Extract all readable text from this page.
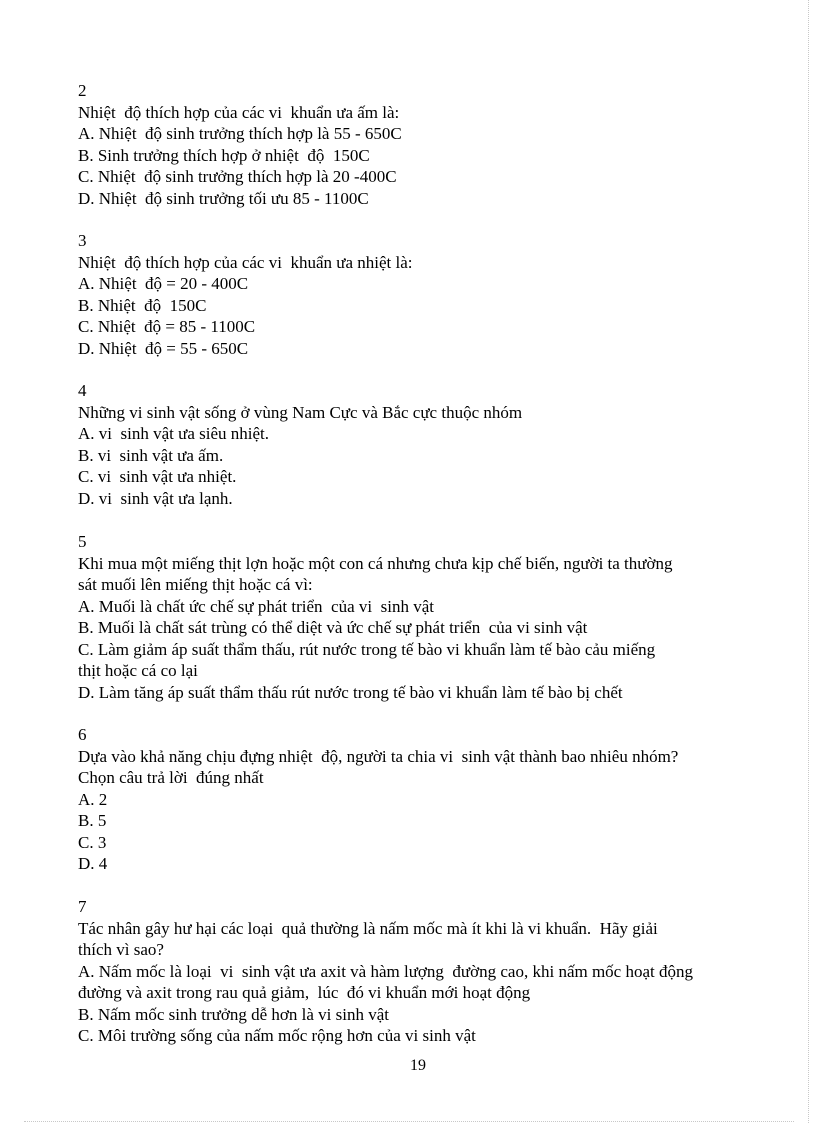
2
Nhiệt  độ thích hợp của các vi  khuẩn ưa ấm là:
A. Nhiệt  độ sinh trưởng thích hợp là 55 - 650C
B. Sinh trưởng thích hợp ở nhiệt  độ  150C
C. Nhiệt  độ sinh trưởng thích hợp là 20 -400C
D. Nhiệt  độ sinh trưởng tối ưu 85 - 1100C
3
Nhiệt  độ thích hợp của các vi  khuẩn ưa nhiệt là:
A. Nhiệt  độ = 20 - 400C
B. Nhiệt  độ  150C
C. Nhiệt  độ = 85 - 1100C
D. Nhiệt  độ = 55 - 650C
4
Những vi sinh vật sống ở vùng Nam Cực và Bắc cực thuộc nhóm
A. vi  sinh vật ưa siêu nhiệt.
B. vi  sinh vật ưa ấm.
C. vi  sinh vật ưa nhiệt.
D. vi  sinh vật ưa lạnh.
5
Khi mua một miếng thịt lợn hoặc một con cá nhưng chưa kịp chế biến, người ta thường
sát muối lên miếng thịt hoặc cá vì:
A. Muối là chất ức chế sự phát triển  của vi  sinh vật
B. Muối là chất sát trùng có thể diệt và ức chế sự phát triển  của vi sinh vật
C. Làm giảm áp suất thẩm thấu, rút nước trong tế bào vi khuẩn làm tế bào cảu miếng
thịt hoặc cá co lại
D. Làm tăng áp suất thẩm thấu rút nước trong tế bào vi khuẩn làm tế bào bị chết
6
Dựa vào khả năng chịu đựng nhiệt  độ, người ta chia vi  sinh vật thành bao nhiêu nhóm?
Chọn câu trả lời  đúng nhất
A. 2
B. 5
C. 3
D. 4
7
Tác nhân gây hư hại các loại  quả thường là nấm mốc mà ít khi là vi khuẩn.  Hãy giải
thích vì sao?
A. Nấm mốc là loại  vi  sinh vật ưa axit và hàm lượng  đường cao, khi nấm mốc hoạt động
đường và axit trong rau quả giảm,  lúc  đó vi khuẩn mới hoạt động
B. Nấm mốc sinh trưởng dễ hơn là vi sinh vật
C. Môi trường sống của nấm mốc rộng hơn của vi sinh vật
19
